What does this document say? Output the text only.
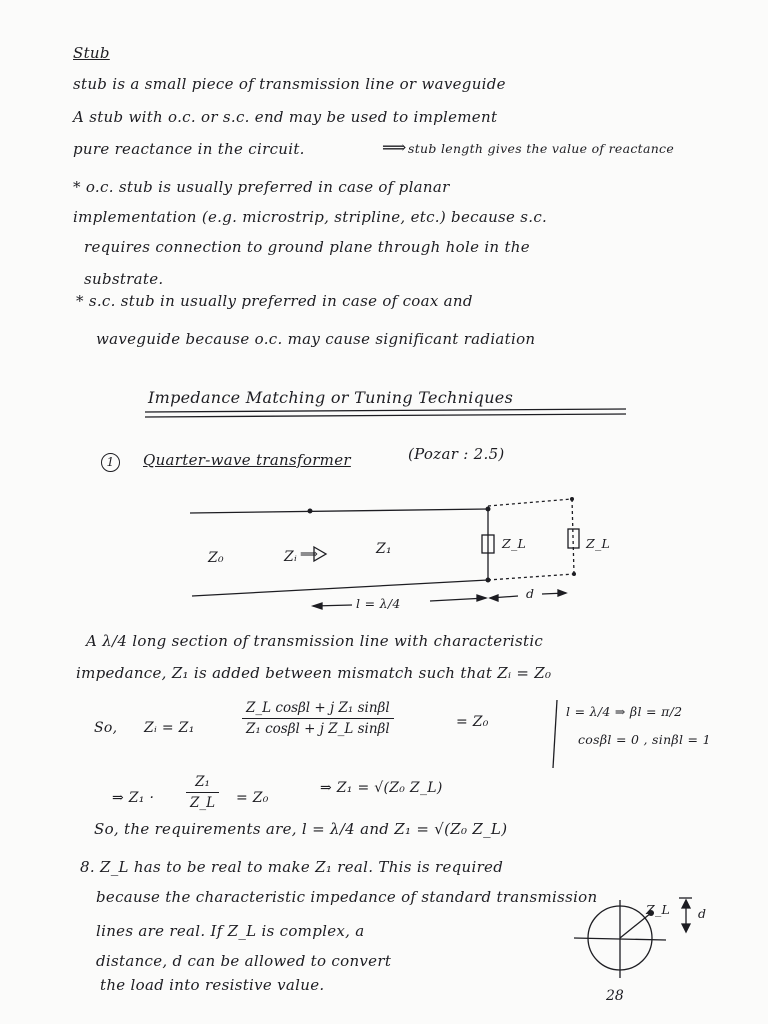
Stub
stub is a small piece of transmission line or waveguide
A stub with o.c. or s.c. end may be used to implement
pure reactance in the circuit.	⟹ stub length gives the value of reactance
* o.c. stub is usually preferred in case of planar
implementation (e.g. microstrip, stripline, etc.) because s.c.
requires connection to ground plane through hole in the
substrate.
* s.c. stub in usually preferred in case of coax and
waveguide because o.c. may cause significant radiation
Impedance Matching or Tuning Techniques
1	Quarter-wave transformer	(Pozar : 2.5)
Z₀	Zᵢ ⟹	Z₁	Z_L	Z_L
l = λ/4
d
A λ/4 long section of transmission line with characteristic
impedance, Z₁ is added between mismatch such that Zᵢ = Z₀
So, Zᵢ = Z₁	$\frac{\text{Z\_L cosβl + j Z₁ sinβl}}{\text{Z₁ cosβl + j Z\_L sinβl}}$	= Z₀
l = λ/4 ⇒ βl = π/2
cosβl = 0 , sinβl = 1
⇒ $Z_1 \cdot \frac{\text{Z₁}}{Z\_L} = Z_0$
⇒ Z₁ = √(Z₀ Z_L)
So, the requirements are, l = λ/4 and Z₁ = √(Z₀ Z_L)
8. Z_L has to be real to make Z₁ real. This is required
because the characteristic impedance of standard transmission
lines are real. If Z_L is complex, a
distance, d can be allowed to convert
the load into resistive value.
Z_L d
28
